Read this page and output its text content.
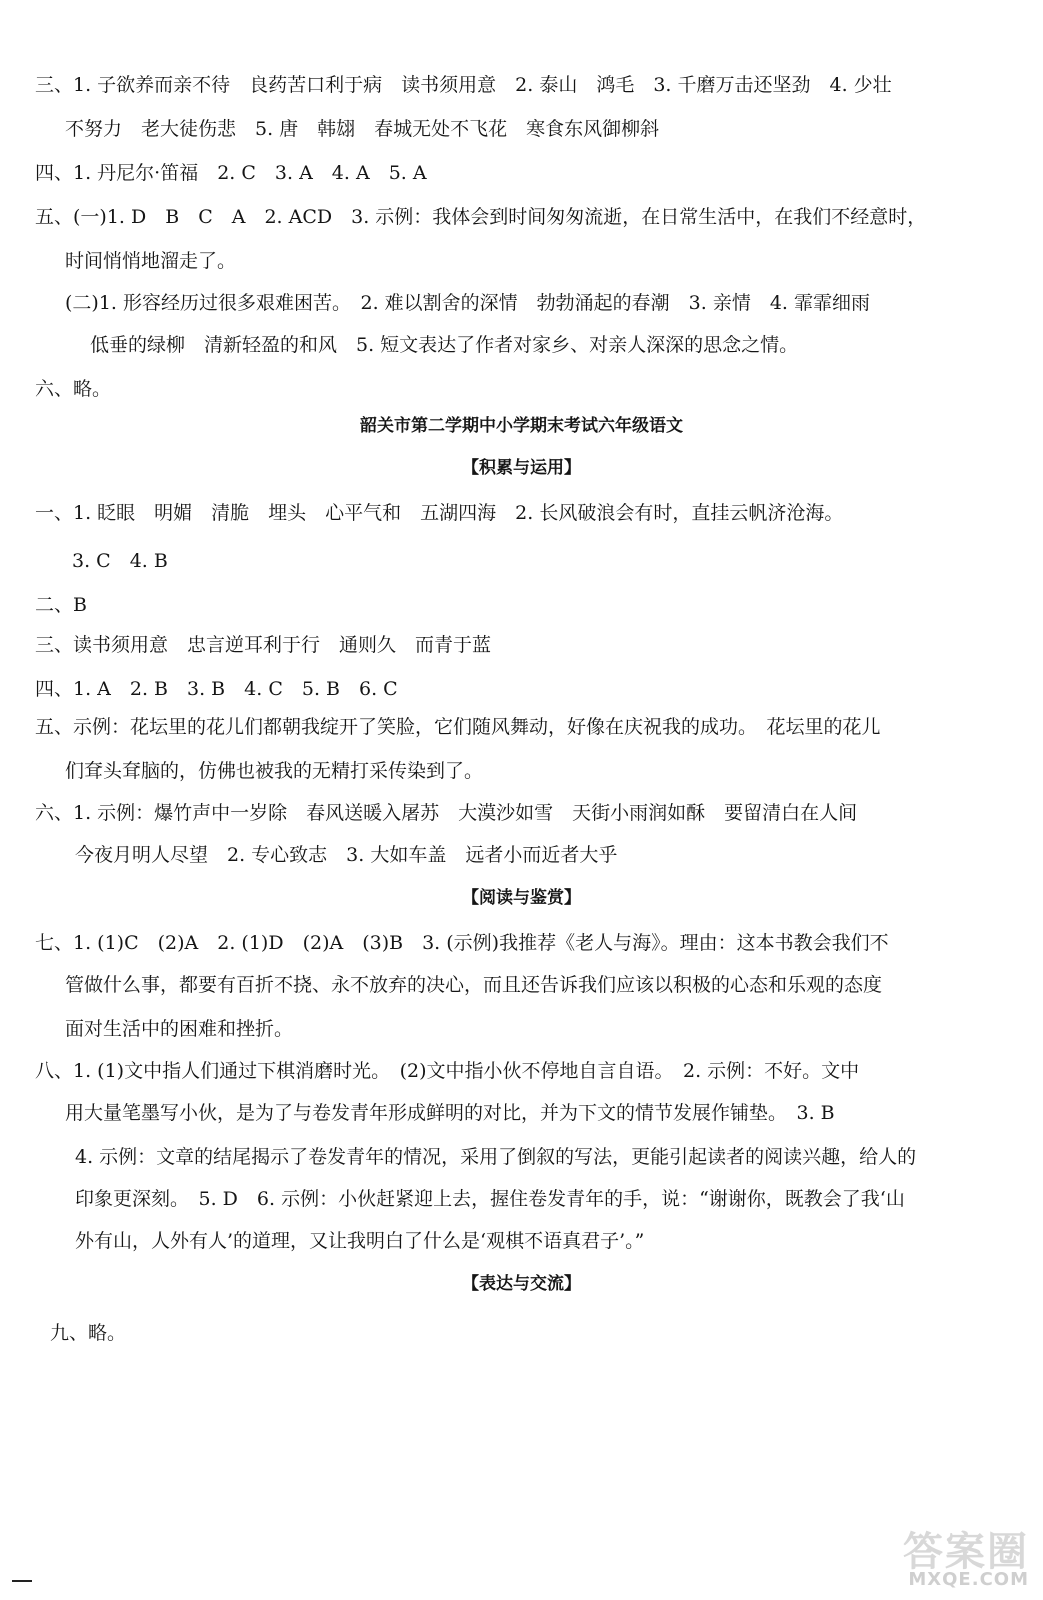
三、1. 子欲养而亲不待　良药苦口利于病　读书须用意　2. 泰山　鸿毛　3. 千磨万击还坚劲　4. 少壮
不努力　老大徒伤悲　5. 唐　韩翃　春城无处不飞花　寒食东风御柳斜
四、1. 丹尼尔·笛福　2. C　3. A　4. A　5. A
五、(一)1. D　B　C　A　2. ACD　3. 示例：我体会到时间匆匆流逝，在日常生活中，在我们不经意时，
时间悄悄地溜走了。
(二)1. 形容经历过很多艰难困苦。　2. 难以割舍的深情　勃勃涌起的春潮　3. 亲情　4. 霏霏细雨
低垂的绿柳　清新轻盈的和风　5. 短文表达了作者对家乡、对亲人深深的思念之情。
六、略。
韶关市第二学期中小学期末考试六年级语文
【积累与运用】
一、1. 眨眼　明媚　清脆　埋头　心平气和　五湖四海　2. 长风破浪会有时，直挂云帆济沧海。
3. C　4. B
二、B
三、读书须用意　忠言逆耳利于行　通则久　而青于蓝
四、1. A　2. B　3. B　4. C　5. B　6. C
五、示例：花坛里的花儿们都朝我绽开了笑脸，它们随风舞动，好像在庆祝我的成功。　花坛里的花儿
们耷头耷脑的，仿佛也被我的无精打采传染到了。
六、1. 示例：爆竹声中一岁除　春风送暖入屠苏　大漠沙如雪　天街小雨润如酥　要留清白在人间
今夜月明人尽望　2. 专心致志　3. 大如车盖　远者小而近者大乎
【阅读与鉴赏】
七、1. (1)C　(2)A　2. (1)D　(2)A　(3)B　3. (示例)我推荐《老人与海》。理由：这本书教会我们不
管做什么事，都要有百折不挠、永不放弃的决心，而且还告诉我们应该以积极的心态和乐观的态度
面对生活中的困难和挫折。
八、1. (1)文中指人们通过下棋消磨时光。　(2)文中指小伙不停地自言自语。　2. 示例：不好。文中
用大量笔墨写小伙，是为了与卷发青年形成鲜明的对比，并为下文的情节发展作铺垫。　3. B
4. 示例：文章的结尾揭示了卷发青年的情况，采用了倒叙的写法，更能引起读者的阅读兴趣，给人的
印象更深刻。　5. D　6. 示例：小伙赶紧迎上去，握住卷发青年的手，说：“谢谢你，既教会了我‘山
外有山，人外有人’的道理，又让我明白了什么是‘观棋不语真君子’。”
【表达与交流】
九、略。
答案圈
MXQE.COM
